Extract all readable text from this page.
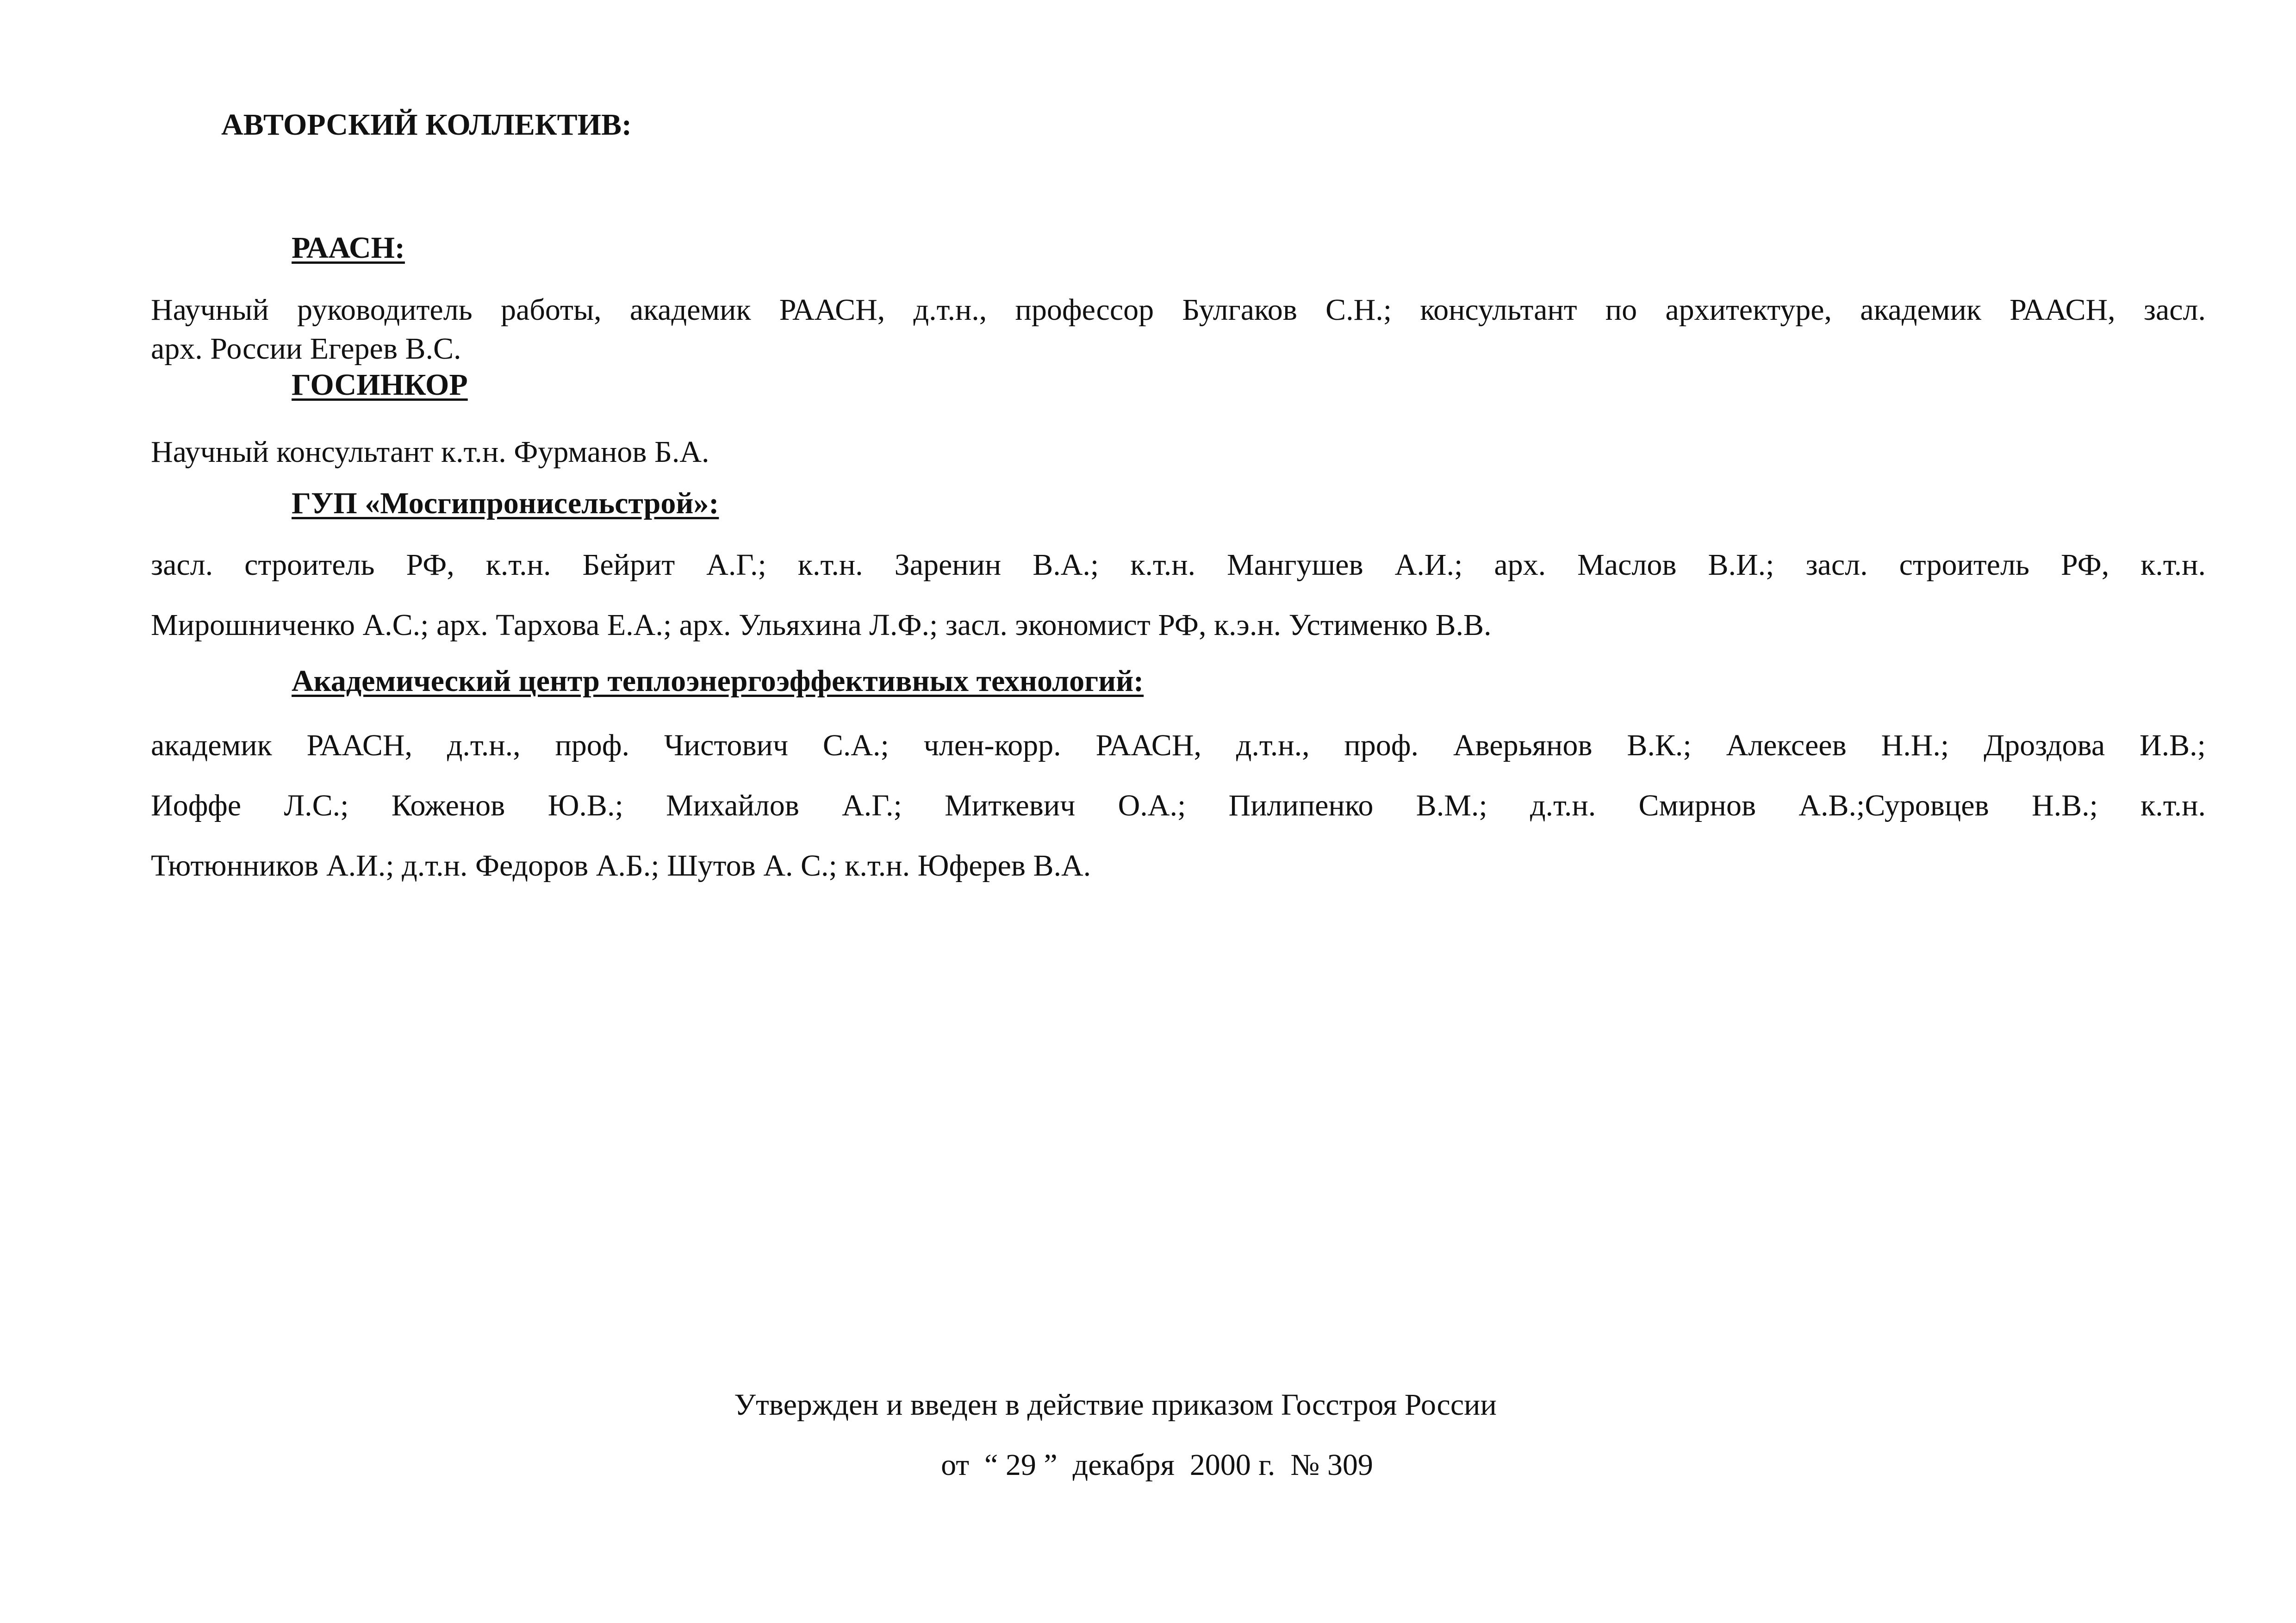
АВТОРСКИЙ КОЛЛЕКТИВ:
РААСН:

Научный руководитель работы, академик РААСН, д.т.н., профессор Булгаков С.Н.; консультант по архитектуре, академик РААСН, засл.
арх. России Егерев В.С.

ГОСИНКОР

Научный консультант к.т.н. Фурманов Б.А.

ГУП «Мосгипронисельстрой»:

засл. строитель РФ, к.т.н. Бейрит А.Г.; к.т.н. Заренин В.А.; к.т.н. Мангушев А.И.; арх. Маслов В.И.; засл. строитель РФ, к.т.н.
Мирошниченко А.С.; арх. Тархова Е.А.; арх. Ульяхина Л.Ф.; засл. экономист РФ, к.э.н. Устименко В.В.

Академический центр теплоэнергоэффективных технологий:

академик РААСН, д.т.н., проф. Чистович С.А.; член-корр. РААСН, д.т.н., проф. Аверьянов В.К.; Алексеев Н.Н.; Дроздова И.В.;
Иоффе Л.С.; Коженов Ю.В.; Михайлов А.Г.; Миткевич О.А.; Пилипенко В.М.; д.т.н. Смирнов А.В.;Суровцев Н.В.; к.т.н.
Тютюнников А.И.; д.т.н. Федоров А.Б.; Шутов А. С.; к.т.н. Юферев В.А.

Утвержден и введен в действие приказом Госстроя России

от  “ 29 ”  декабря  2000 г.  № 309
